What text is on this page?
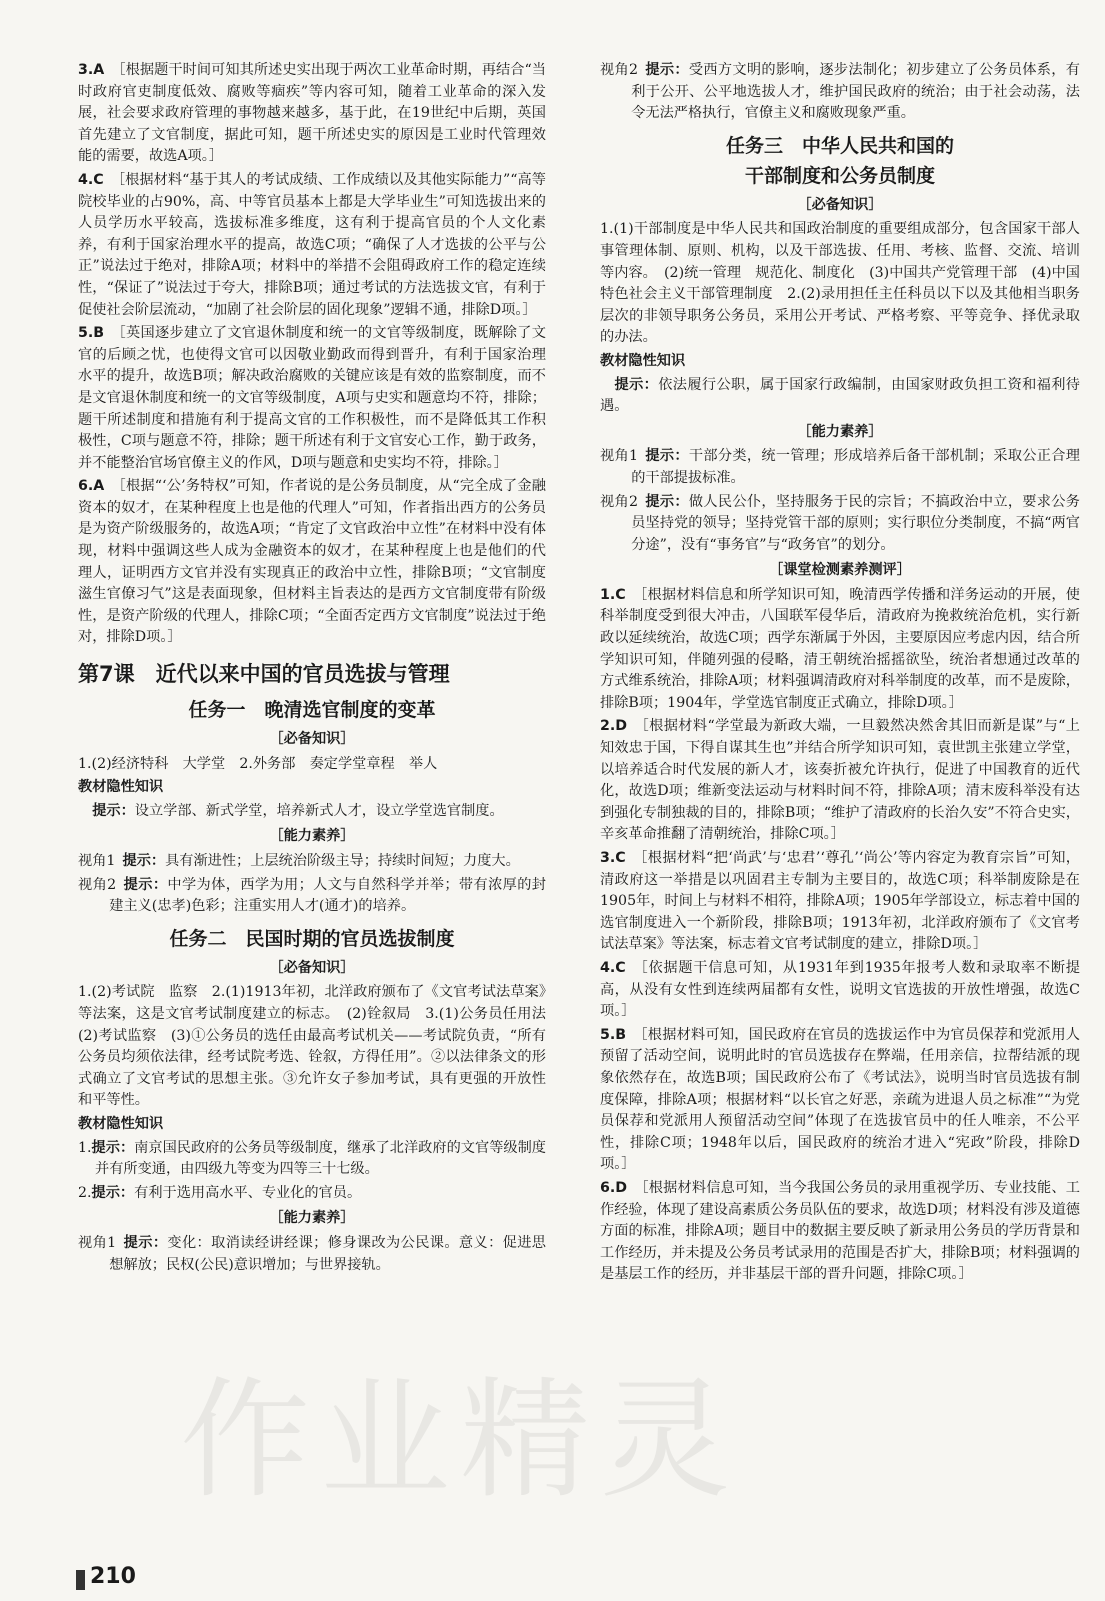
3.A  ［根据题干时间可知其所述史实出现于两次工业革命时期，再结合“当时政府官吏制度低效、腐败等痼疾”等内容可知，随着工业革命的深入发展，社会要求政府管理的事物越来越多，基于此，在19世纪中后期，英国首先建立了文官制度，据此可知，题干所述史实的原因是工业时代管理效能的需要，故选A项。］

4.C  ［根据材料“基于其人的考试成绩、工作成绩以及其他实际能力”“高等院校毕业的占90%，高、中等官员基本上都是大学毕业生”可知选拔出来的人员学历水平较高，选拔标准多维度，这有利于提高官员的个人文化素养，有利于国家治理水平的提高，故选C项；“确保了人才选拔的公平与公正”说法过于绝对，排除A项；材料中的举措不会阻碍政府工作的稳定连续性，“保证了”说法过于夸大，排除B项；通过考试的方法选拔文官，有利于促使社会阶层流动，“加剧了社会阶层的固化现象”逻辑不通，排除D项。］

5.B  ［英国逐步建立了文官退休制度和统一的文官等级制度，既解除了文官的后顾之忧，也使得文官可以因敬业勤政而得到晋升，有利于国家治理水平的提升，故选B项；解决政治腐败的关键应该是有效的监察制度，而不是文官退休制度和统一的文官等级制度，A项与史实和题意均不符，排除；题干所述制度和措施有利于提高文官的工作积极性，而不是降低其工作积极性，C项与题意不符，排除；题干所述有利于文官安心工作，勤于政务，并不能整治官场官僚主义的作风，D项与题意和史实均不符，排除。］

6.A  ［根据“‘公’务特权”可知，作者说的是公务员制度，从“完全成了金融资本的奴才，在某种程度上也是他的代理人”可知，作者指出西方的公务员是为资产阶级服务的，故选A项；“肯定了文官政治中立性”在材料中没有体现，材料中强调这些人成为金融资本的奴才，在某种程度上也是他们的代理人，证明西方文官并没有实现真正的政治中立性，排除B项；“文官制度滋生官僚习气”这是表面现象，但材料主旨表达的是西方文官制度带有阶级性，是资产阶级的代理人，排除C项；“全面否定西方文官制度”说法过于绝对，排除D项。］

第7课　近代以来中国的官员选拔与管理
任务一　晚清选官制度的变革
［必备知识］

1.(2)经济特科　大学堂　2.外务部　奏定学堂章程　举人

教材隐性知识

 提示：设立学部、新式学堂，培养新式人才，设立学堂选官制度。

［能力素养］

视角1  提示：具有渐进性；上层统治阶级主导；持续时间短；力度大。

视角2  提示：中学为体，西学为用；人文与自然科学并举；带有浓厚的封建主义(忠孝)色彩；注重实用人才(通才)的培养。

任务二　民国时期的官员选拔制度
［必备知识］

1.(2)考试院　监察　2.(1)1913年初，北洋政府颁布了《文官考试法草案》等法案，这是文官考试制度建立的标志。　(2)铨叙局　3.(1)公务员任用法　(2)考试监察　(3)①公务员的选任由最高考试机关——考试院负责，“所有公务员均须依法律，经考试院考选、铨叙，方得任用”。②以法律条文的形式确立了文官考试的思想主张。③允许女子参加考试，具有更强的开放性和平等性。

教材隐性知识

1.提示：南京国民政府的公务员等级制度，继承了北洋政府的文官等级制度并有所变通，由四级九等变为四等三十七级。

2.提示：有利于选用高水平、专业化的官员。

［能力素养］

视角1  提示：变化：取消读经讲经课；修身课改为公民课。意义：促进思想解放；民权(公民)意识增加；与世界接轨。

视角2  提示：受西方文明的影响，逐步法制化；初步建立了公务员体系，有利于公开、公平地选拔人才，维护国民政府的统治；由于社会动荡，法令无法严格执行，官僚主义和腐败现象严重。

任务三　中华人民共和国的
干部制度和公务员制度
［必备知识］

1.(1)干部制度是中华人民共和国政治制度的重要组成部分，包含国家干部人事管理体制、原则、机构，以及干部选拔、任用、考核、监督、交流、培训等内容。　(2)统一管理　规范化、制度化　(3)中国共产党管理干部　(4)中国特色社会主义干部管理制度　2.(2)录用担任主任科员以下以及其他相当职务层次的非领导职务公务员，采用公开考试、严格考察、平等竞争、择优录取的办法。

教材隐性知识

 提示：依法履行公职，属于国家行政编制，由国家财政负担工资和福利待遇。

［能力素养］

视角1  提示：干部分类，统一管理；形成培养后备干部机制；采取公正合理的干部提拔标准。

视角2  提示：做人民公仆，坚持服务于民的宗旨；不搞政治中立，要求公务员坚持党的领导；坚持党管干部的原则；实行职位分类制度，不搞“两官分途”，没有“事务官”与“政务官”的划分。

［课堂检测素养测评］

1.C  ［根据材料信息和所学知识可知，晚清西学传播和洋务运动的开展，使科举制度受到很大冲击，八国联军侵华后，清政府为挽救统治危机，实行新政以延续统治，故选C项；西学东渐属于外因，主要原因应考虑内因，结合所学知识可知，伴随列强的侵略，清王朝统治摇摇欲坠，统治者想通过改革的方式维系统治，排除A项；材料强调清政府对科举制度的改革，而不是废除，排除B项；1904年，学堂选官制度正式确立，排除D项。］

2.D  ［根据材料“学堂最为新政大端，一旦毅然决然舍其旧而新是谋”与“上知效忠于国，下得自谋其生也”并结合所学知识可知，袁世凯主张建立学堂，以培养适合时代发展的新人才，该奏折被允许执行，促进了中国教育的近代化，故选D项；维新变法运动与材料时间不符，排除A项；清末废科举没有达到强化专制独裁的目的，排除B项；“维护了清政府的长治久安”不符合史实，辛亥革命推翻了清朝统治，排除C项。］

3.C  ［根据材料“把‘尚武’与‘忠君’‘尊孔’‘尚公’等内容定为教育宗旨”可知，清政府这一举措是以巩固君主专制为主要目的，故选C项；科举制废除是在1905年，时间上与材料不相符，排除A项；1905年学部设立，标志着中国的选官制度进入一个新阶段，排除B项；1913年初，北洋政府颁布了《文官考试法草案》等法案，标志着文官考试制度的建立，排除D项。］

4.C  ［依据题干信息可知，从1931年到1935年报考人数和录取率不断提高，从没有女性到连续两届都有女性，说明文官选拔的开放性增强，故选C项。］

5.B  ［根据材料可知，国民政府在官员的选拔运作中为官员保荐和党派用人预留了活动空间，说明此时的官员选拔存在弊端，任用亲信，拉帮结派的现象依然存在，故选B项；国民政府公布了《考试法》，说明当时官员选拔有制度保障，排除A项；根据材料“以长官之好恶，亲疏为进退人员之标准”“为党员保荐和党派用人预留活动空间”体现了在选拔官员中的任人唯亲，不公平性，排除C项；1948年以后，国民政府的统治才进入“宪政”阶段，排除D项。］

6.D  ［根据材料信息可知，当今我国公务员的录用重视学历、专业技能、工作经验，体现了建设高素质公务员队伍的要求，故选D项；材料没有涉及道德方面的标准，排除A项；题目中的数据主要反映了新录用公务员的学历背景和工作经历，并未提及公务员考试录用的范围是否扩大，排除B项；材料强调的是基层工作的经历，并非基层干部的晋升问题，排除C项。］

210
作业精灵
